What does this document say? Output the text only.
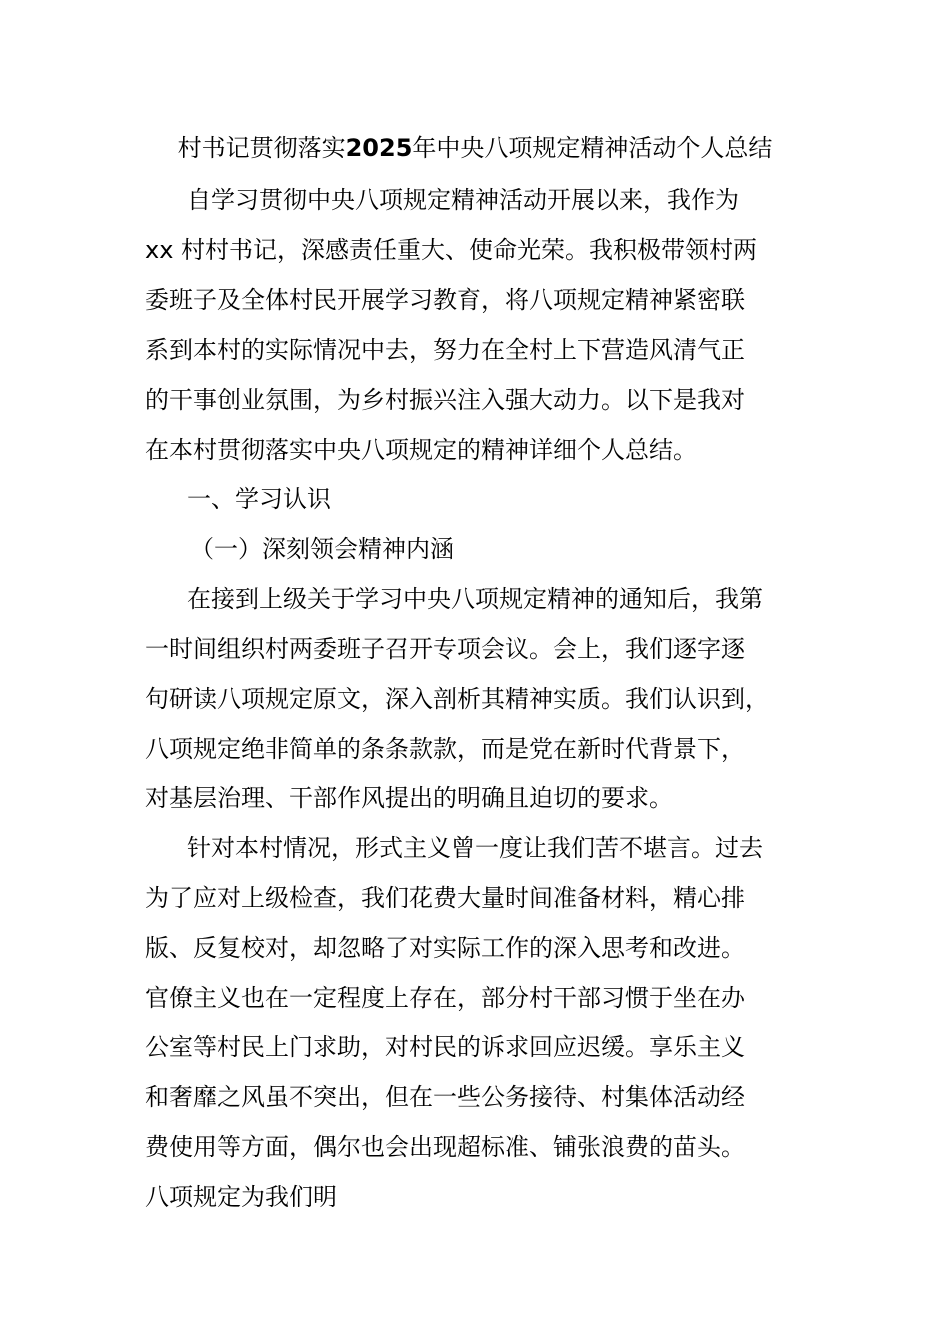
村书记贯彻落实2025年中央八项规定精神活动个人总结
自学习贯彻中央八项规定精神活动开展以来，我作为
xx 村村书记，深感责任重大、使命光荣。我积极带领村两
委班子及全体村民开展学习教育，将八项规定精神紧密联
系到本村的实际情况中去，努力在全村上下营造风清气正
的干事创业氛围，为乡村振兴注入强大动力。以下是我对
在本村贯彻落实中央八项规定的精神详细个人总结。
一、学习认识
（一）深刻领会精神内涵
在接到上级关于学习中央八项规定精神的通知后，我第
一时间组织村两委班子召开专项会议。会上，我们逐字逐
句研读八项规定原文，深入剖析其精神实质。我们认识到，
八项规定绝非简单的条条款款，而是党在新时代背景下，
对基层治理、干部作风提出的明确且迫切的要求。
针对本村情况，形式主义曾一度让我们苦不堪言。过去
为了应对上级检查，我们花费大量时间准备材料，精心排
版、反复校对，却忽略了对实际工作的深入思考和改进。
官僚主义也在一定程度上存在，部分村干部习惯于坐在办
公室等村民上门求助，对村民的诉求回应迟缓。享乐主义
和奢靡之风虽不突出，但在一些公务接待、村集体活动经
费使用等方面，偶尔也会出现超标准、铺张浪费的苗头。
八项规定为我们明
